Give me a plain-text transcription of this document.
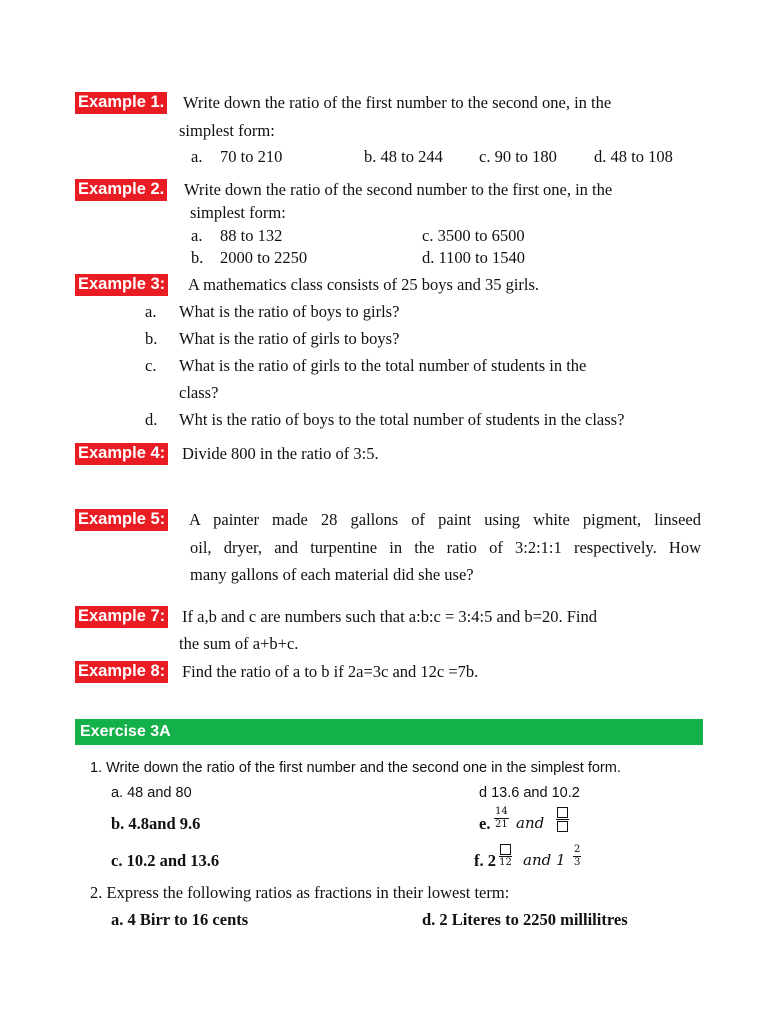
Example 1. Write down the ratio of the first number to the second one, in the
simplest form:
a. 70 to 210	b. 48 to 244 c. 90 to 180 d. 48 to 108
Example 2. Write down the ratio of the second number to the first one, in the
simplest form:
a. 88 to 132	c. 3500 to 6500
b. 2000 to 2250	d. 1100 to 1540
Example 3: A mathematics class consists of 25 boys and 35 girls.
a. What is the ratio of boys to girls?
b. What is the ratio of girls to boys?
c. What is the ratio of girls to the total number of students in the
class?
d. Wht is the ratio of boys to the total number of students in the class?
Example 4: Divide 800 in the ratio of 3:5.
Example 5: A painter made 28 gallons of paint using white pigment, linseed
oil, dryer, and turpentine in the ratio of 3:2:1:1 respectively. How
many gallons of each material did she use?
Example 7: If a,b and c are numbers such that a:b:c = 3:4:5 and b=20. Find
the sum of a+b+c.
Example 8: Find the ratio of a to b if 2a=3c and 12c =7b.
Exercise 3A
1. Write down the ratio of the first number and the second one in the simplest form.
a. 48 and 80	d 13.6 and 10.2
b. 4.8and 9.6	e. $\frac{14}{21}$ and
c. 10.2 and 13.6	f. 2 12 and $1 \frac{2}{3}$
2. Express the following ratios as fractions in their lowest term:
a. 4 Birr to 16 cents	d. 2 Literes to 2250 millilitres
